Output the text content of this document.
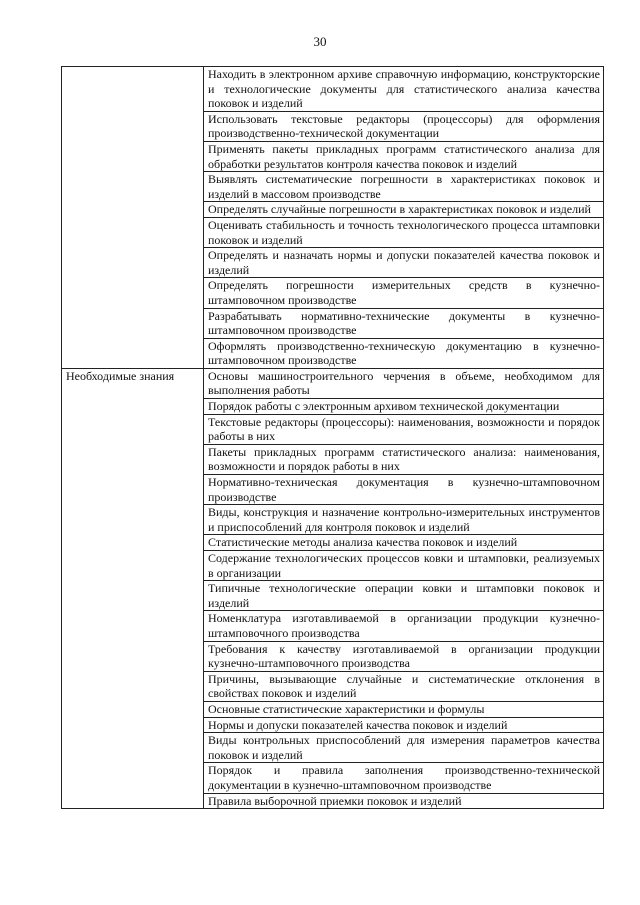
30
	Находить в электронном архиве справочную информацию, конструкторские и технологические документы для статистического анализа качества поковок и изделий
	Использовать текстовые редакторы (процессоры) для оформления производственно-технической документации
	Применять пакеты прикладных программ статистического анализа для обработки результатов контроля качества поковок и изделий
	Выявлять систематические погрешности в характеристиках поковок и изделий в массовом производстве
	Определять случайные погрешности в характеристиках поковок и изделий
	Оценивать стабильность и точность технологического процесса штамповки поковок и изделий
	Определять и назначать нормы и допуски показателей качества поковок и изделий
	Определять погрешности измерительных средств в кузнечно-штамповочном производстве
	Разрабатывать нормативно-технические документы в кузнечно-штамповочном производстве
	Оформлять производственно-техническую документацию в кузнечно-штамповочном производстве
Необходимые знания	Основы машиностроительного черчения в объеме, необходимом для выполнения работы
	Порядок работы с электронным архивом технической документации
	Текстовые редакторы (процессоры): наименования, возможности и порядок работы в них
	Пакеты прикладных программ статистического анализа: наименования, возможности и порядок работы в них
	Нормативно-техническая документация в кузнечно-штамповочном производстве
	Виды, конструкция и назначение контрольно-измерительных инструментов и приспособлений для контроля поковок и изделий
	Статистические методы анализа качества поковок и изделий
	Содержание технологических процессов ковки и штамповки, реализуемых в организации
	Типичные технологические операции ковки и штамповки поковок и изделий
	Номенклатура изготавливаемой в организации продукции кузнечно-штамповочного производства
	Требования к качеству изготавливаемой в организации продукции кузнечно-штамповочного производства
	Причины, вызывающие случайные и систематические отклонения в свойствах поковок и изделий
	Основные статистические характеристики и формулы
	Нормы и допуски показателей качества поковок и изделий
	Виды контрольных приспособлений для измерения параметров качества поковок и изделий
	Порядок и правила заполнения производственно-технической документации в кузнечно-штамповочном производстве
	Правила выборочной приемки поковок и изделий
